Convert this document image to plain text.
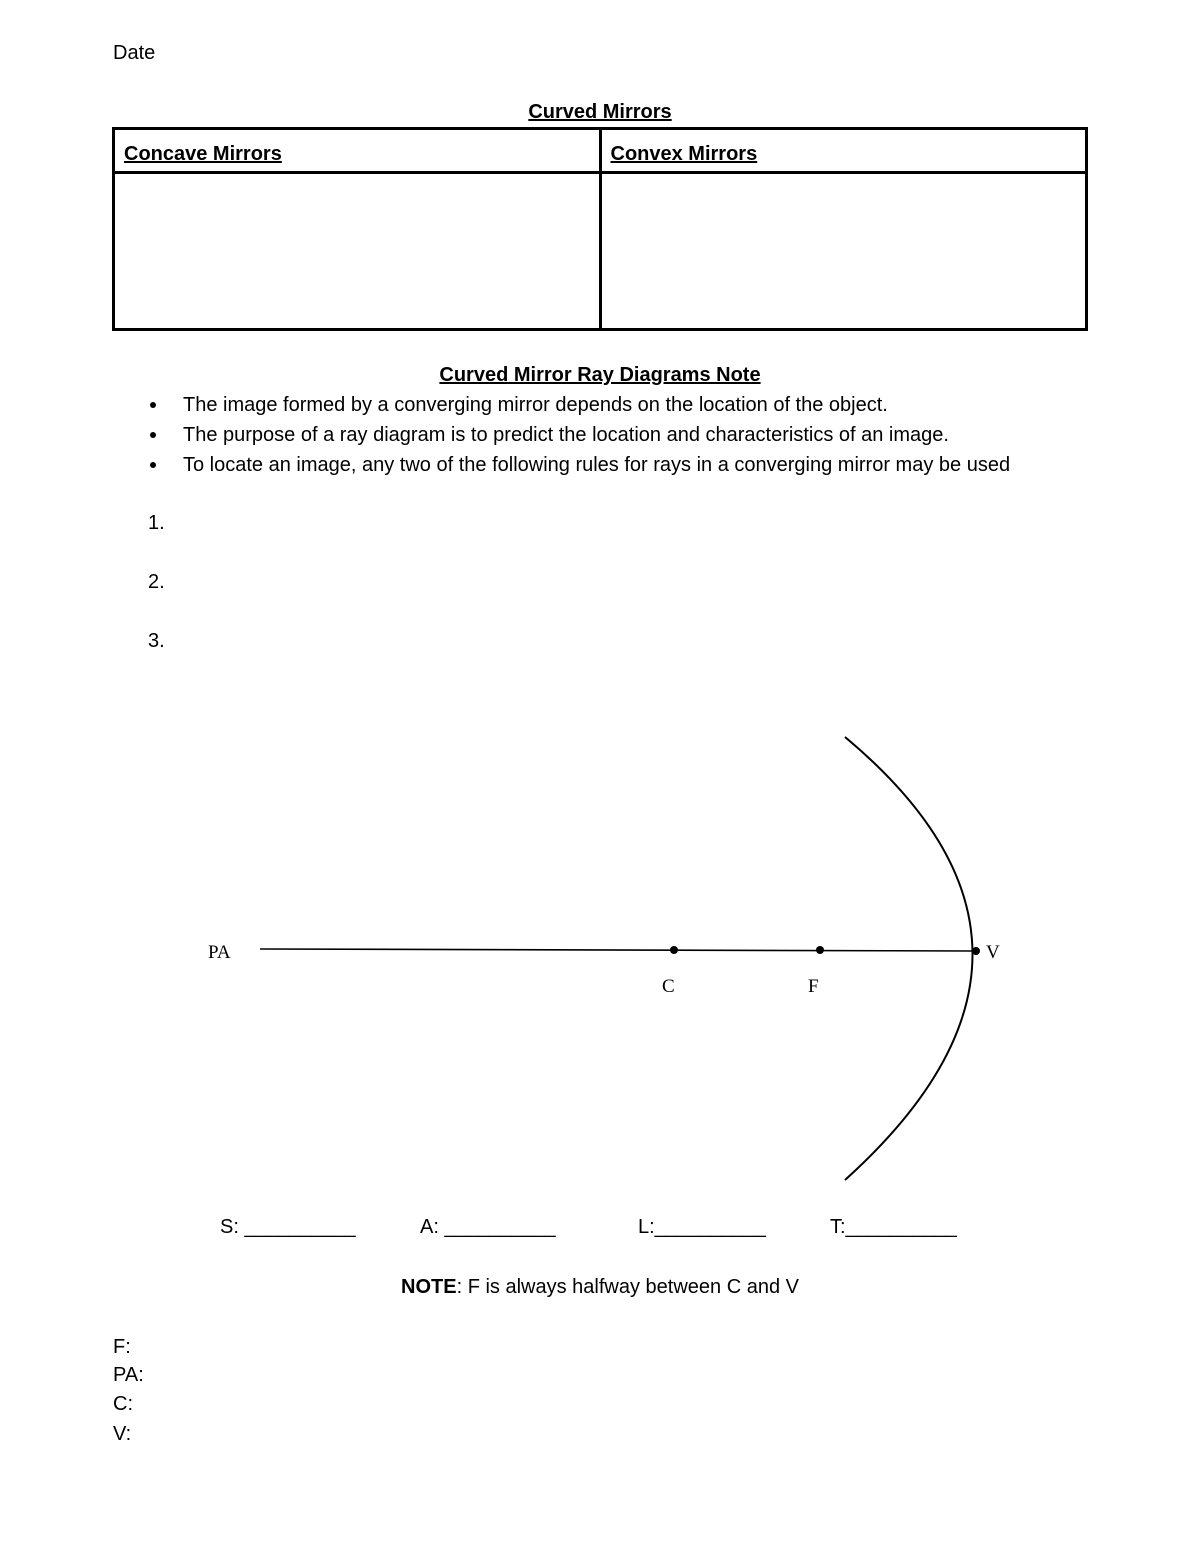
Date
Curved Mirrors
Concave Mirrors	Convex Mirrors

Curved Mirror Ray Diagrams Note
The image formed by a converging mirror depends on the location of the object.
The purpose of a ray diagram is to predict the location and characteristics of an image.
To locate an image, any two of the following rules for rays in a converging mirror may be used
1.
2.
3.
PA
C	F
V
S: __________	A: __________	L:__________	T:__________
NOTE: F is always halfway between C and V
F:
PA:
C:
V:
